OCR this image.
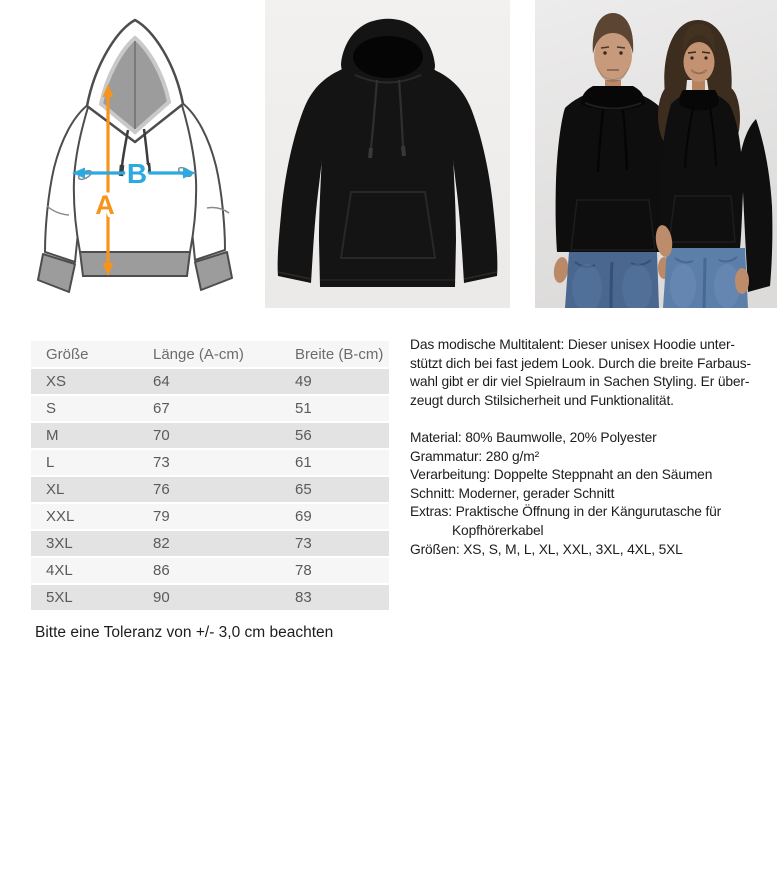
A
B
Größe	Länge (A-cm)	Breite (B-cm)
XS	64	49
S	67	51
M	70	56
L	73	61
XL	76	65
XXL	79	69
3XL	82	73
4XL	86	78
5XL	90	83
Das modische Multitalent: Dieser unisex Hoodie unter-
stützt dich bei fast jedem Look. Durch die breite Farbaus-
wahl gibt er dir viel Spielraum in Sachen Styling. Er über-
zeugt durch Stilsicherheit und Funktionalität.
Material: 80% Baumwolle, 20% Polyester
Grammatur: 280 g/m²
Verarbeitung: Doppelte Steppnaht an den Säumen
Schnitt: Moderner, gerader Schnitt
Extras: Praktische Öffnung in der Kängurutasche für
Kopfhörerkabel
Größen: XS, S, M, L, XL, XXL, 3XL, 4XL, 5XL
Bitte eine Toleranz von +/- 3,0 cm beachten
